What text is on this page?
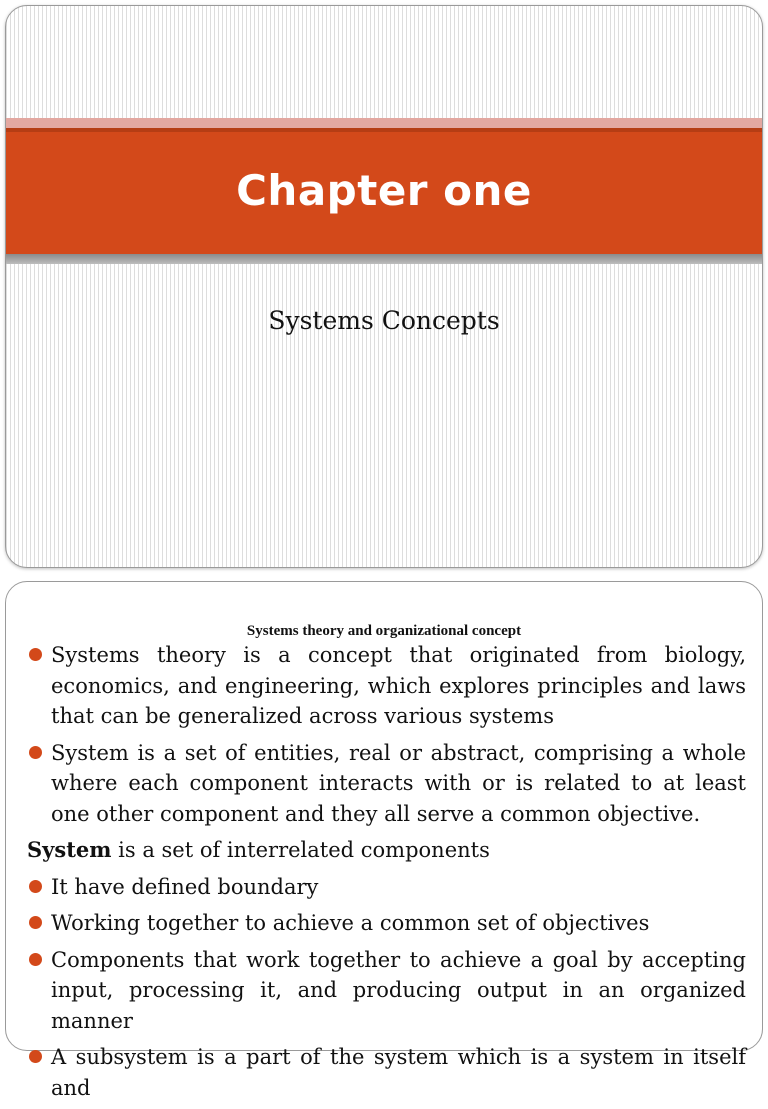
Chapter one
Systems Concepts
Systems theory and organizational concept
Systems theory is a concept that originated from biology, economics, and engineering, which explores principles and laws that can be generalized across various systems
System is a set of entities, real or abstract, comprising a whole where each component interacts with or is related to at least one other component and they all serve a common objective.
System is a set of interrelated components
It have defined boundary
Working together to achieve a common set of objectives
Components that work together to achieve a goal by accepting input, processing it, and producing output in an organized manner
A subsystem is a part of the system which is a system in itself and
